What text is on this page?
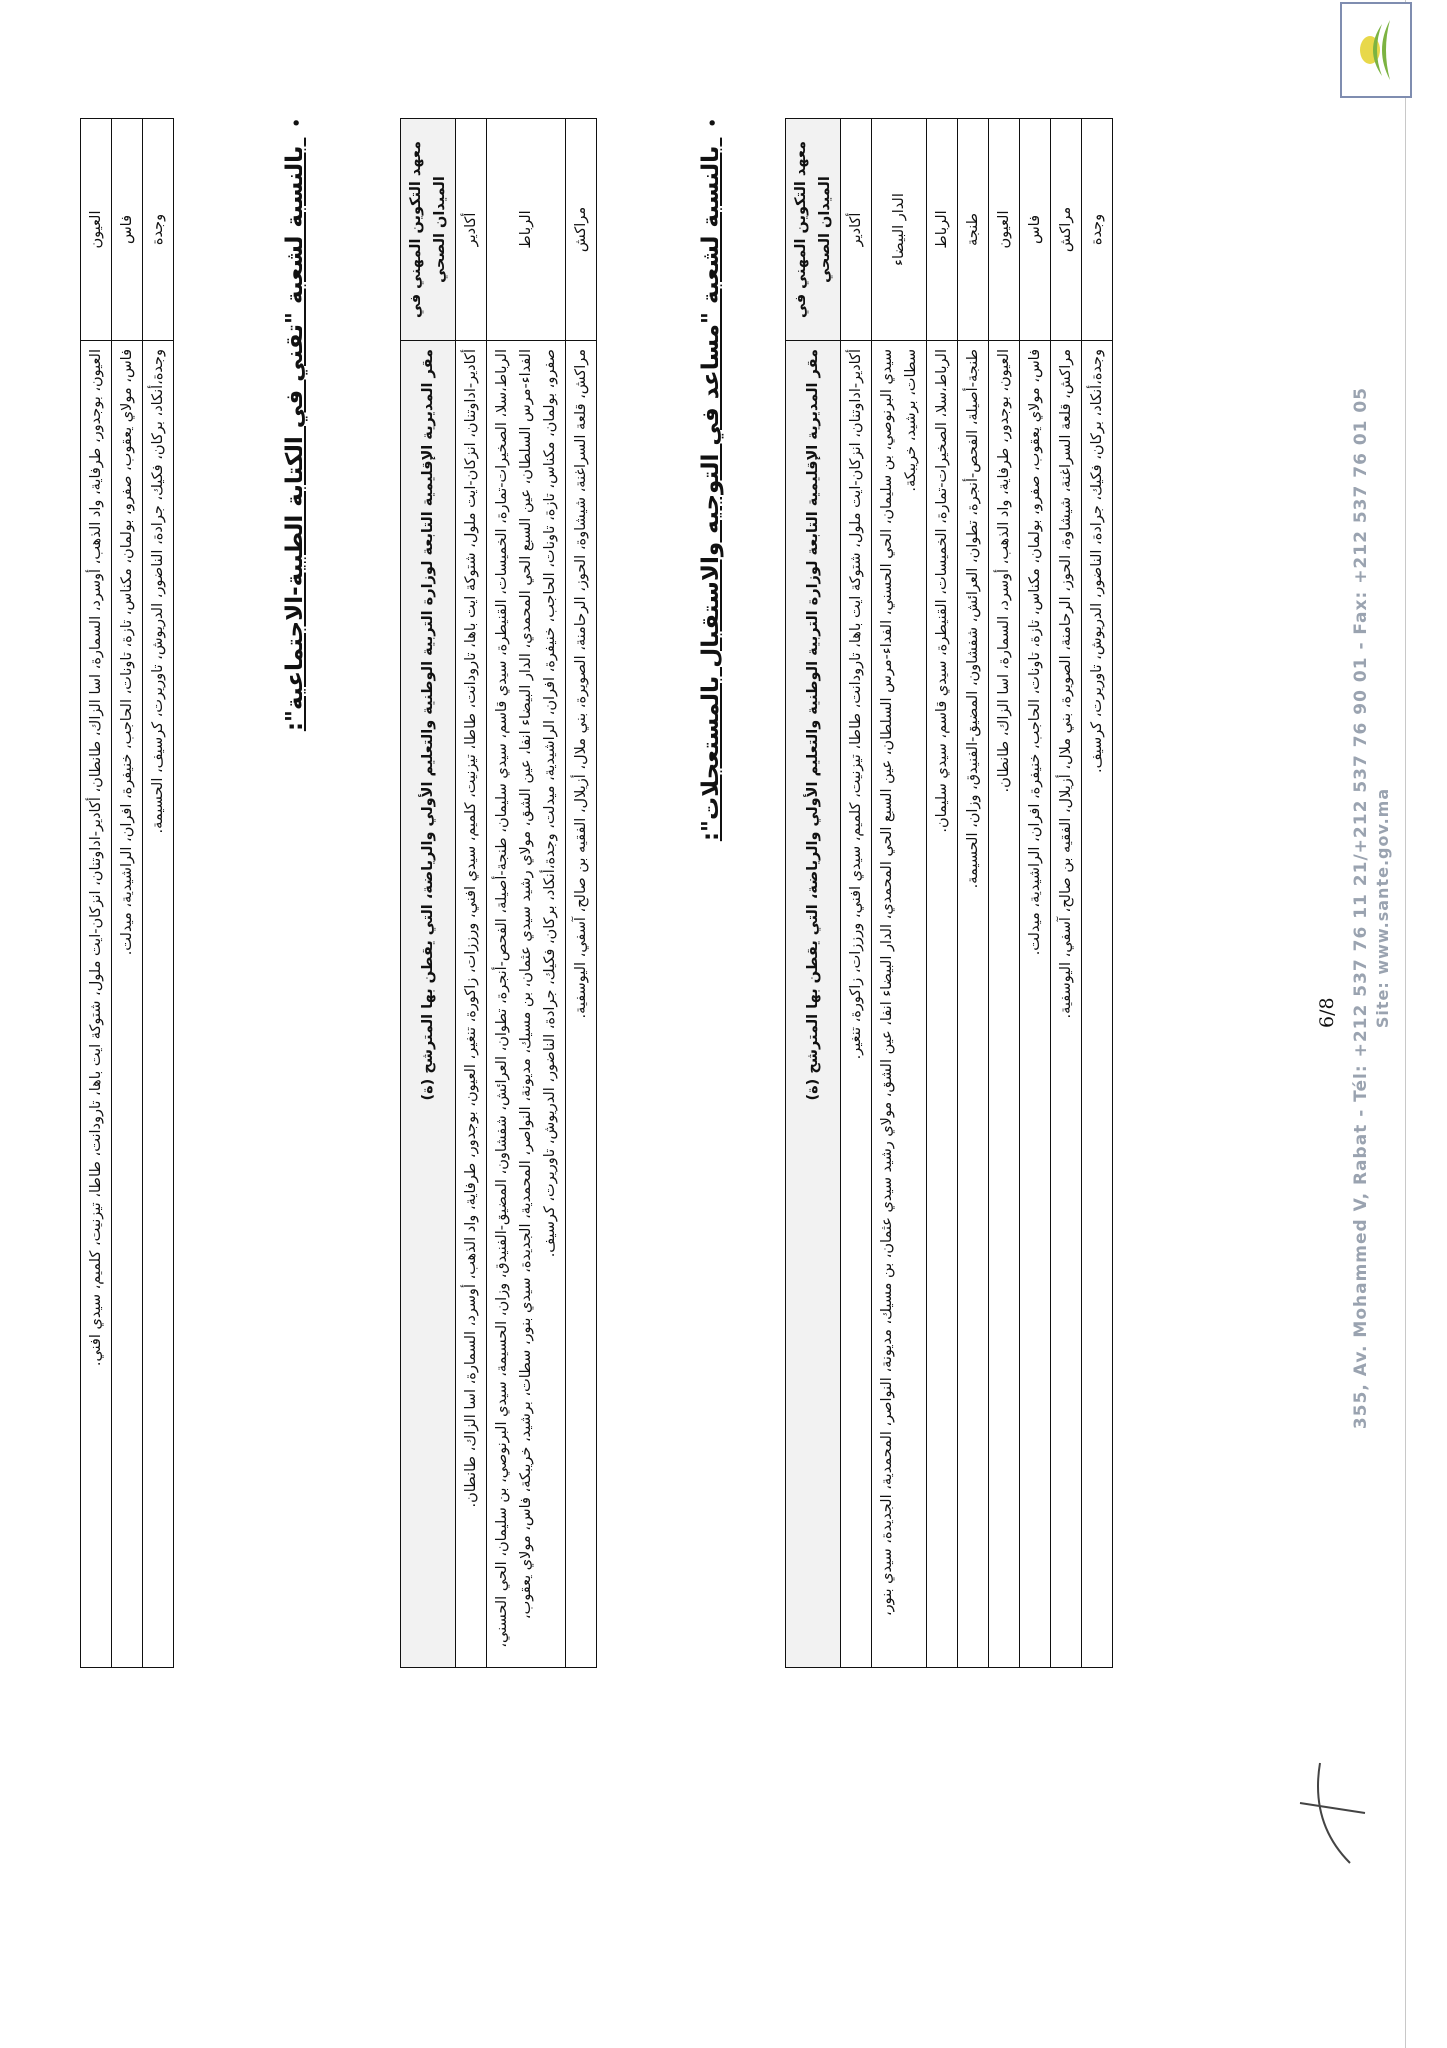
العيون	العيون، بوجدور، طرفاية، واد الذهب، أوسرد، السمارة، اسا الزاك، طانطان، أكادير-اداوتنان، انزكان-ايت ملول، شتوكة ايت باها، تارودانت، طاطا، تيزنيت، كلميم، سيدي افني.
فاس	فاس، مولاي يعقوب، صفرو، بولمان، مكناس، تازة، تاونات، الحاجب، خنيفرة، افران، الراشيدية، ميدلت.
وجدة	وجدة،أنكاد، بركان، فكيك، جرادة، الناضور، الدريوش، تاوريرت، كرسيف، الحسيمة.
• بالنسبة لشعبة "تقني في الكتابة الطبية-الاجتماعية":	معهد التكوين المهني في الميدان الصحي	مقر المديرية الإقليمية التابعة لوزارة التربية الوطنية والتعليم الأولي والرياضة، التي يقطن بها المترشح (ة)
أكادير	أكادير-اداوتنان، انزكان-ايت ملول، شتوكة ايت باها، تارودانت، طاطا، تيزنيت، كلميم، سيدي افني، ورززات، زاكورة، تنغير، العيون، بوجدور، طرفاية، واد الذهب، أوسرد، السمارة، اسا الزاك، طانطان.
الرباط	الرباط،سلا، الصخيرات-تمارة، الخميسات، القنيطرة، سيدي قاسم، سيدي سليمان، طنجة-أصيلة، الفحص-أنجرة، تطوان، العرائش، شفشاون، المضيق-الفنيدق، وزان، الحسيمة، سيدي البرنوصي، بن سليمان، الحي الحسني، الفداء-مرس السلطان، عين السبع الحي المحمدي، الدار البيضاء انفا، عين الشق، مولاي رشيد سيدي عثمان، بن مسيك، مديونة، النواصر، المحمدية، الجديدة، سيدي بنور، سطات، برشيد، خريبكة، فاس، مولاي يعقوب، صفرو، بولمان، مكناس، تازة، تاونات، الحاجب، خنيفرة، افران، الراشيدية، ميدلت، وجدة،أنكاد، بركان، فكيك، جرادة، الناضور، الدريوش، تاوريرت، كرسيف.
مراكش	مراكش، قلعة السراغنة، شيشاوة، الحوز، الرحامنة، الصويرة، بني ملال، أزيلال، الفقيه بن صالح، آسفي، اليوسفية.
• بالنسبة لشعبة "مساعد في التوجيه والاستقبال بالمستعجلات":	معهد التكوين المهني في الميدان الصحي	مقر المديرية الإقليمية التابعة لوزارة التربية الوطنية والتعليم الأولي والرياضة، التي يقطن بها المترشح (ة)
أكادير	أكادير-اداوتنان، انزكان-ايت ملول، شتوكة ايت باها، تارودانت، طاطا، تيزنيت، كلميم، سيدي افني، ورززات، زاكورة، تنغير.
الدار البيضاء	سيدي البرنوصي، بن سليمان، الحي الحسني، الفداء-مرس السلطان، عين السبع الحي المحمدي، الدار البيضاء انفا، عين الشق، مولاي رشيد سيدي عثمان، بن مسيك، مديونة، النواصر، المحمدية، الجديدة، سيدي بنور، سطات، برشيد، خريبكة.
الرباط	الرباط،سلا، الصخيرات-تمارة، الخميسات، القنيطرة، سيدي قاسم، سيدي سليمان.
طنجة	طنجة-أصيلة، الفحص-أنجرة، تطوان، العرائش، شفشاون، المضيق-الفنيدق، وزان، الحسيمة.
العيون	العيون، بوجدور، طرفاية، واد الذهب، أوسرد، السمارة، اسا الزاك، طانطان.
فاس	فاس، مولاي يعقوب، صفرو، بولمان، مكناس، تازة، تاونات، الحاجب، خنيفرة، افران، الراشيدية، ميدلت.
مراكش	مراكش، قلعة السراغنة، شيشاوة، الحوز، الرحامنة، الصويرة، بني ملال، أزيلال، الفقيه بن صالح، آسفي، اليوسفية.
وجدة	وجدة،أنكاد، بركان، فكيك، جرادة، الناضور، الدريوش، تاوريرت، كرسيف.
6/8 355, Av. Mohammed V, Rabat - Tél: +212 537 76 11 21/+212 537 76 90 01 - Fax: +212 537 76 01 05 Site: www.sante.gov.ma
